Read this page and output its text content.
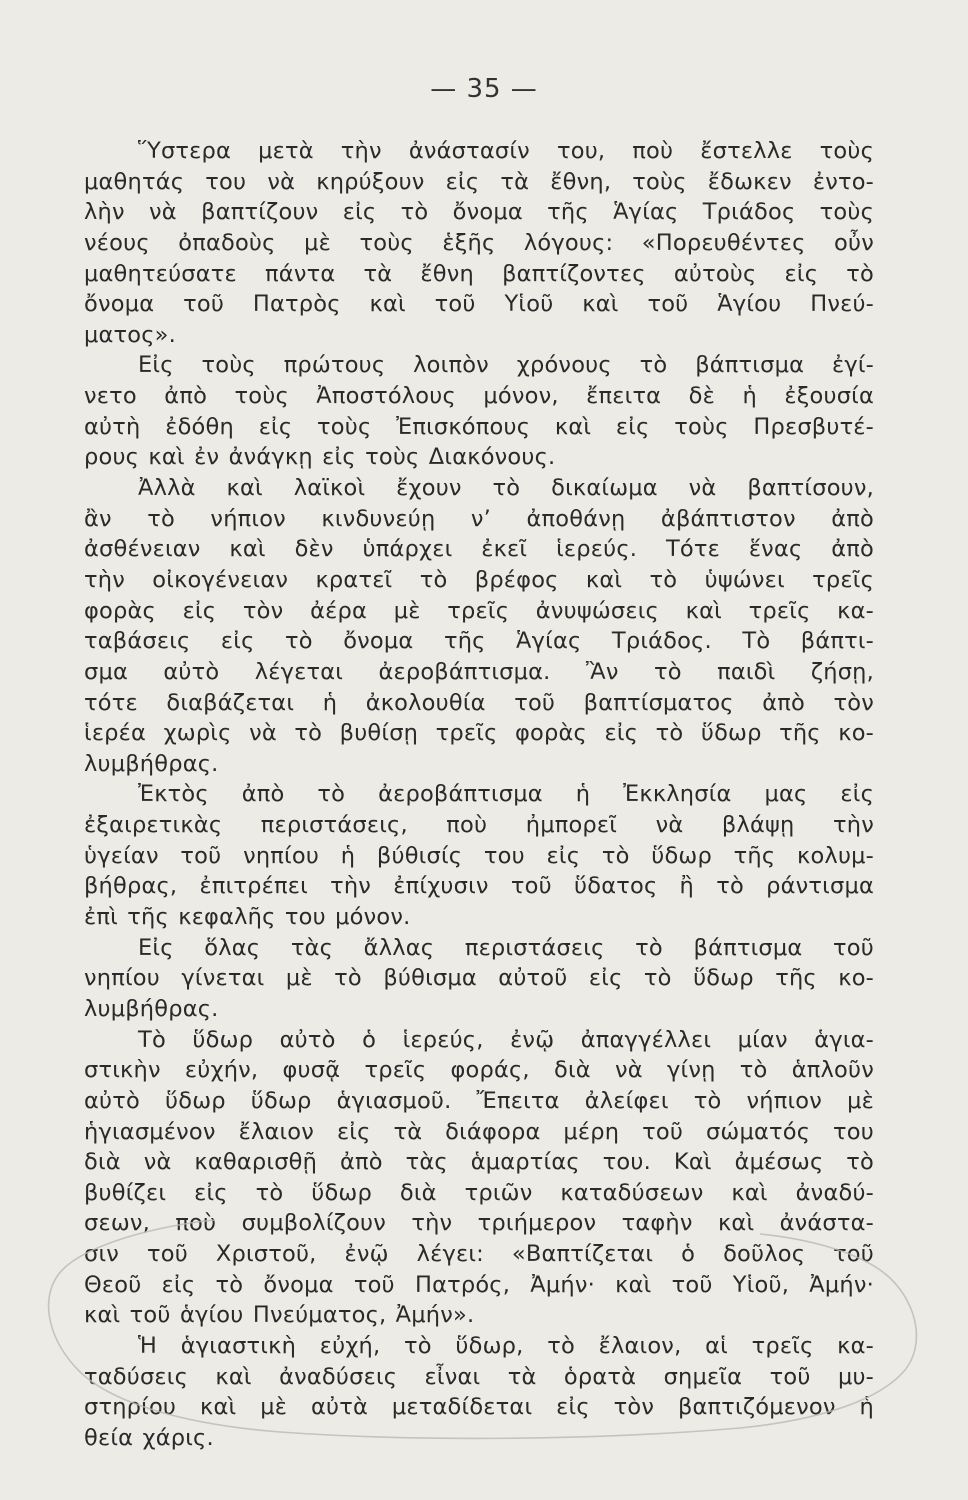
— 35 —
Ὕστερα μετὰ τὴν ἀνάστασίν του, ποὺ ἔστελλε τοὺς
μαθητάς του νὰ κηρύξουν εἰς τὰ ἔθνη, τοὺς ἔδωκεν ἐντο-
λὴν νὰ βαπτίζουν εἰς τὸ ὄνομα τῆς Ἁγίας Τριάδος τοὺς
νέους ὀπαδοὺς μὲ τοὺς ἑξῆς λόγους: «Πορευθέντες οὖν
μαθητεύσατε πάντα τὰ ἔθνη βαπτίζοντες αὐτοὺς εἰς τὸ
ὄνομα τοῦ Πατρὸς καὶ τοῦ Υἱοῦ καὶ τοῦ Ἁγίου Πνεύ-
ματος».
Εἰς τοὺς πρώτους λοιπὸν χρόνους τὸ βάπτισμα ἐγί-
νετο ἀπὸ τοὺς Ἀποστόλους μόνον, ἔπειτα δὲ ἡ ἐξουσία
αὐτὴ ἐδόθη εἰς τοὺς Ἐπισκόπους καὶ εἰς τοὺς Πρεσβυτέ-
ρους καὶ ἐν ἀνάγκῃ εἰς τοὺς Διακόνους.
Ἀλλὰ καὶ λαϊκοὶ ἔχουν τὸ δικαίωμα νὰ βαπτίσουν,
ἂν τὸ νήπιον κινδυνεύῃ ν’ ἀποθάνῃ ἀβάπτιστον ἀπὸ
ἀσθένειαν καὶ δὲν ὑπάρχει ἐκεῖ ἱερεύς. Τότε ἕνας ἀπὸ
τὴν οἰκογένειαν κρατεῖ τὸ βρέφος καὶ τὸ ὑψώνει τρεῖς
φορὰς εἰς τὸν ἀέρα μὲ τρεῖς ἀνυψώσεις καὶ τρεῖς κα-
ταβάσεις εἰς τὸ ὄνομα τῆς Ἁγίας Τριάδος. Τὸ βάπτι-
σμα αὐτὸ λέγεται ἀεροβάπτισμα. Ἂν τὸ παιδὶ ζήσῃ,
τότε διαβάζεται ἡ ἀκολουθία τοῦ βαπτίσματος ἀπὸ τὸν
ἱερέα χωρὶς νὰ τὸ βυθίσῃ τρεῖς φορὰς εἰς τὸ ὕδωρ τῆς κο-
λυμβήθρας.
Ἐκτὸς ἀπὸ τὸ ἀεροβάπτισμα ἡ Ἐκκλησία μας εἰς
ἐξαιρετικὰς περιστάσεις, ποὺ ἠμπορεῖ νὰ βλάψῃ τὴν
ὑγείαν τοῦ νηπίου ἡ βύθισίς του εἰς τὸ ὕδωρ τῆς κολυμ-
βήθρας, ἐπιτρέπει τὴν ἐπίχυσιν τοῦ ὕδατος ἢ τὸ ράντισμα
ἐπὶ τῆς κεφαλῆς του μόνον.
Εἰς ὅλας τὰς ἄλλας περιστάσεις τὸ βάπτισμα τοῦ
νηπίου γίνεται μὲ τὸ βύθισμα αὐτοῦ εἰς τὸ ὕδωρ τῆς κο-
λυμβήθρας.
Τὸ ὕδωρ αὐτὸ ὁ ἱερεύς, ἐνῷ ἀπαγγέλλει μίαν ἁγια-
στικὴν εὐχήν, φυσᾷ τρεῖς φοράς, διὰ νὰ γίνῃ τὸ ἁπλοῦν
αὐτὸ ὕδωρ ὕδωρ ἁγιασμοῦ. Ἔπειτα ἀλείφει τὸ νήπιον μὲ
ἡγιασμένον ἔλαιον εἰς τὰ διάφορα μέρη τοῦ σώματός του
διὰ νὰ καθαρισθῇ ἀπὸ τὰς ἁμαρτίας του. Καὶ ἀμέσως τὸ
βυθίζει εἰς τὸ ὕδωρ διὰ τριῶν καταδύσεων καὶ ἀναδύ-
σεων, ποὺ συμβολίζουν τὴν τριήμερον ταφὴν καὶ ἀνάστα-
σιν τοῦ Χριστοῦ, ἐνῷ λέγει: «Βαπτίζεται ὁ δοῦλος τοῦ
Θεοῦ εἰς τὸ ὄνομα τοῦ Πατρός, Ἀμήν· καὶ τοῦ Υἱοῦ, Ἀμήν·
καὶ τοῦ ἁγίου Πνεύματος, Ἀμήν».
Ἡ ἁγιαστικὴ εὐχή, τὸ ὕδωρ, τὸ ἔλαιον, αἱ τρεῖς κα-
ταδύσεις καὶ ἀναδύσεις εἶναι τὰ ὁρατὰ σημεῖα τοῦ μυ-
στηρίου καὶ μὲ αὐτὰ μεταδίδεται εἰς τὸν βαπτιζόμενον ἡ
θεία χάρις.
